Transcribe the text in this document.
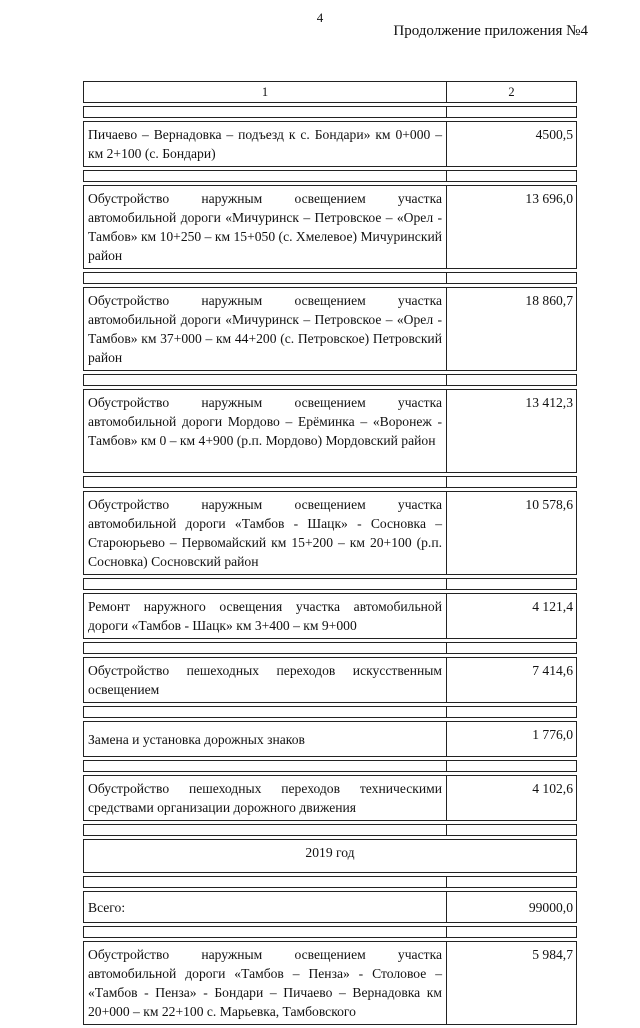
4
Продолжение приложения №4
1	2

Пичаево – Вернадовка – подъезд к с. Бондари» км 0+000 – км 2+100 (с. Бондари)	4500,5

Обустройство наружным освещением участка автомобильной дороги «Мичуринск – Петровское – «Орел - Тамбов» км 10+250 – км 15+050 (с. Хмелевое) Мичуринский район	13 696,0

Обустройство наружным освещением участка автомобильной дороги «Мичуринск – Петровское – «Орел - Тамбов» км 37+000 – км 44+200 (с. Петровское) Петровский район	18 860,7

Обустройство наружным освещением участка автомобильной дороги Мордово – Ерёминка – «Воронеж - Тамбов» км 0 – км 4+900 (р.п. Мордово) Мордовский район	13 412,3

Обустройство наружным освещением участка автомобильной дороги «Тамбов - Шацк» - Сосновка – Староюрьево – Первомайский км 15+200 – км 20+100 (р.п. Сосновка) Сосновский район	10 578,6

Ремонт наружного освещения участка автомобильной дороги «Тамбов - Шацк» км 3+400 – км 9+000	4 121,4

Обустройство пешеходных переходов искусственным освещением	7 414,6

Замена и установка дорожных знаков	1 776,0

Обустройство пешеходных переходов техническими средствами организации дорожного движения	4 102,6

2019 год	

Всего:	99000,0

Обустройство наружным освещением участка автомобильной дороги «Тамбов – Пенза» - Столовое – «Тамбов - Пенза» - Бондари – Пичаево – Вернадовка км 20+000 – км 22+100 с. Марьевка, Тамбовского	5 984,7
